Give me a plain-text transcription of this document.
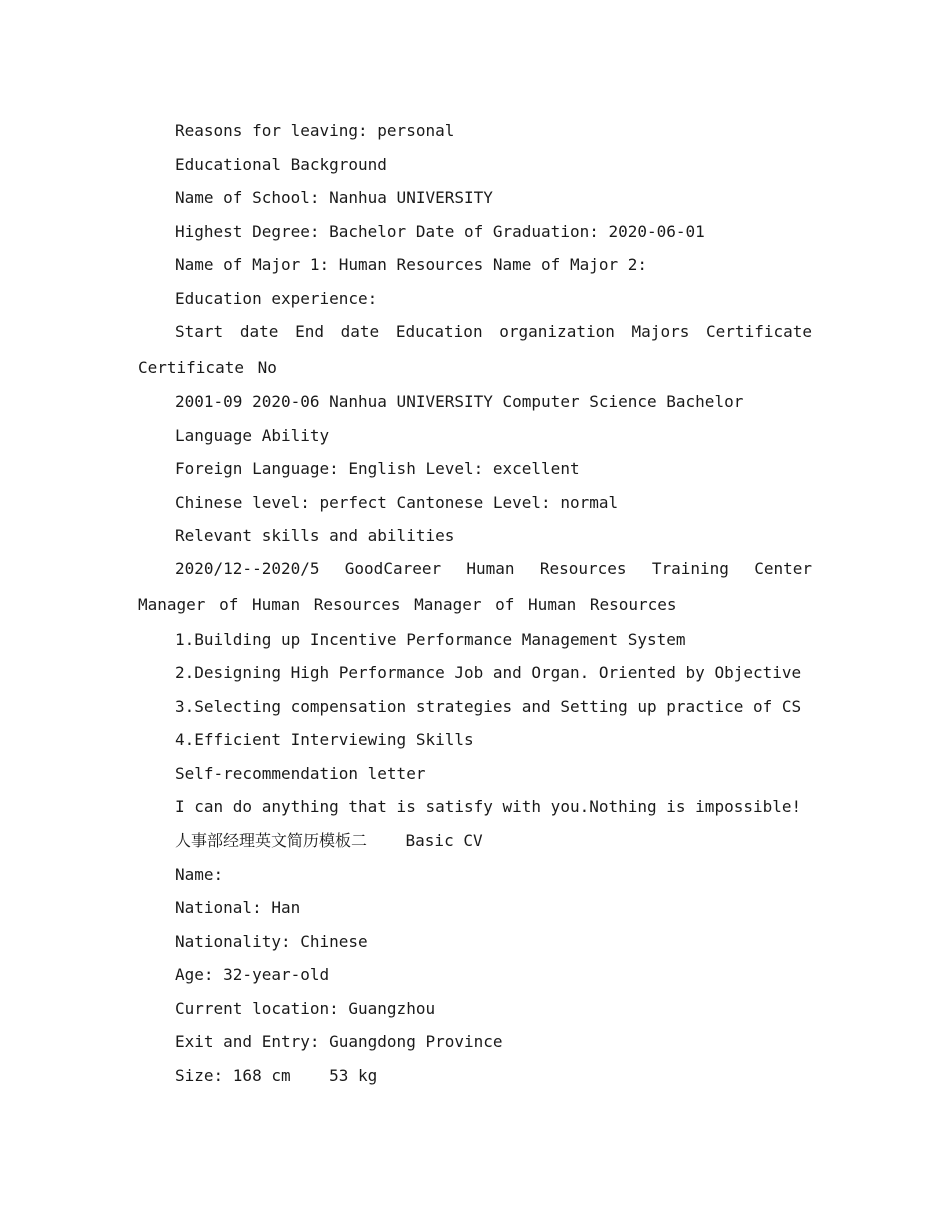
Reasons for leaving: personal
Educational Background
Name of School: Nanhua UNIVERSITY
Highest Degree: Bachelor Date of Graduation: 2020-06-01
Name of Major 1: Human Resources Name of Major 2:
Education experience:
Start date End date Education organization Majors Certificate Certificate No
2001-09 2020-06 Nanhua UNIVERSITY Computer Science Bachelor
Language Ability
Foreign Language: English Level: excellent
Chinese level: perfect Cantonese Level: normal
Relevant skills and abilities
2020/12--2020/5 GoodCareer Human Resources Training Center Manager of Human Resources Manager of Human Resources
1.Building up Incentive Performance Management System
2.Designing High Performance Job and Organ. Oriented by Objective
3.Selecting compensation strategies and Setting up practice of CS
4.Efficient Interviewing Skills
Self-recommendation letter
I can do anything that is satisfy with you.Nothing is impossible!
人事部经理英文简历模板二    Basic CV
Name:
National: Han
Nationality: Chinese
Age: 32-year-old
Current location: Guangzhou
Exit and Entry: Guangdong Province
Size: 168 cm    53 kg
